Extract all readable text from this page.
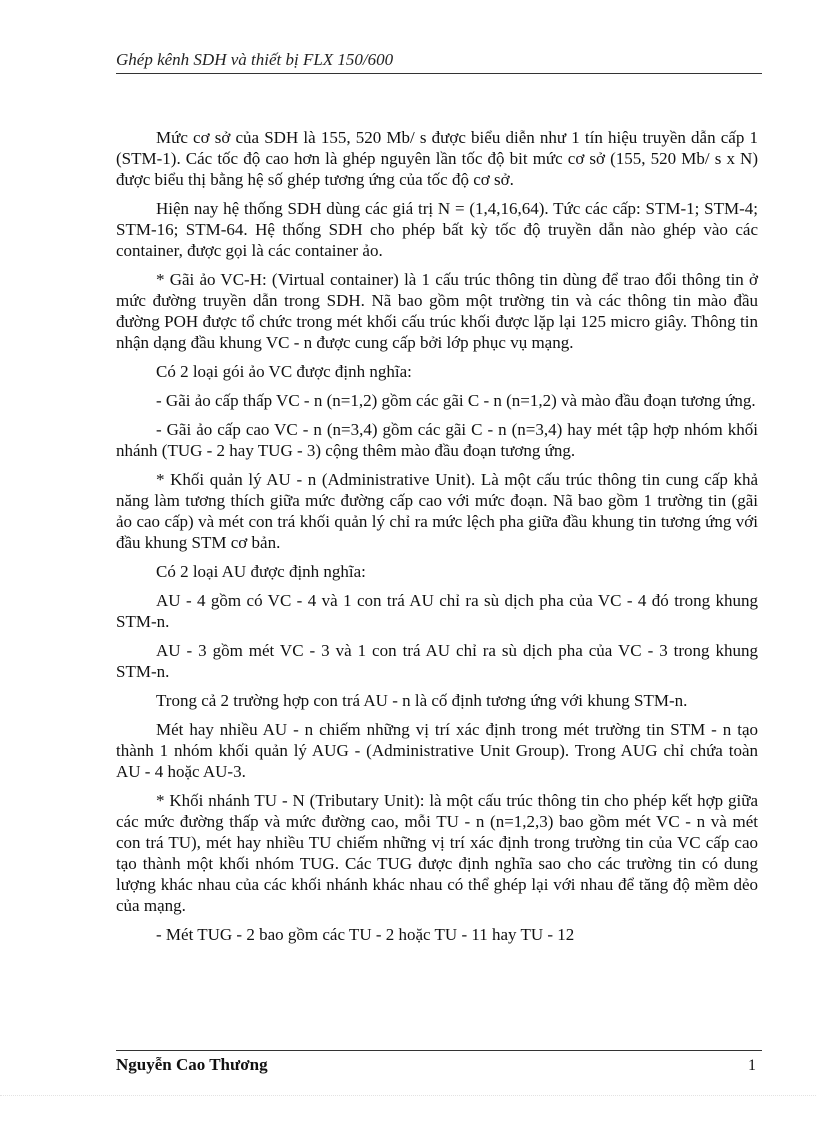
Ghép kênh SDH và thiết bị FLX 150/600

Mức cơ sở của SDH là 155, 520 Mb/ s được biểu diễn như 1 tín hiệu truyền dẫn cấp 1 (STM-1). Các tốc độ cao hơn là ghép nguyên lần tốc độ bit mức cơ sở (155, 520 Mb/ s x N) được biểu thị bằng hệ số ghép tương ứng của tốc độ cơ sở.

Hiện nay hệ thống SDH dùng các giá trị N = (1,4,16,64). Tức các cấp: STM-1; STM-4; STM-16; STM-64. Hệ thống SDH cho phép bất kỳ tốc độ truyền dẫn nào ghép vào các container, được gọi là các container ảo.

* Gãi ảo VC-H: (Virtual container) là 1 cấu trúc thông tin dùng để trao đổi thông tin ở mức đường truyền dẫn trong SDH. Nã bao gồm một trường tin và các thông tin mào đầu đường POH được tổ chức trong mét khối cấu trúc khối được lặp lại 125 micro giây. Thông tin nhận dạng đầu khung VC - n được cung cấp bởi lớp phục vụ mạng.

Có 2 loại gói ảo VC được định nghĩa:

- Gãi ảo cấp thấp VC - n (n=1,2) gồm các gãi C - n (n=1,2) và mào đầu đoạn tương ứng.

- Gãi ảo cấp cao VC - n (n=3,4) gồm các gãi C - n (n=3,4) hay mét tập hợp nhóm khối nhánh (TUG - 2 hay TUG - 3) cộng thêm mào đầu đoạn tương ứng.

* Khối quản lý AU - n (Administrative Unit). Là một cấu trúc thông tin cung cấp khả năng làm tương thích giữa mức đường cấp cao với mức đoạn. Nã bao gồm 1 trường tin (gãi ảo cao cấp) và mét con trá khối quản lý chỉ ra mức lệch pha giữa đầu khung tin tương ứng với đầu khung STM cơ bản.

Có 2 loại AU được định nghĩa:

AU - 4 gồm có VC - 4 và 1 con trá AU chỉ ra sù dịch pha của VC - 4 đó trong khung STM-n.

AU - 3 gồm mét VC - 3 và 1 con trá AU chỉ ra sù dịch pha của VC - 3 trong khung STM-n.

Trong cả 2 trường hợp con trá AU - n là cố định tương ứng với khung STM-n.

Mét hay nhiều AU - n chiếm những vị trí xác định trong mét trường tin STM - n tạo thành 1 nhóm khối quản lý AUG - (Administrative Unit Group). Trong AUG chỉ chứa toàn AU - 4 hoặc AU-3.

* Khối nhánh TU - N (Tributary Unit): là một cấu trúc thông tin cho phép kết hợp giữa các mức đường thấp và mức đường cao, mỗi TU - n (n=1,2,3) bao gồm mét VC - n và mét con trá TU), mét hay nhiều TU chiếm những vị trí xác định trong trường tin của VC cấp cao tạo thành một khối nhóm TUG. Các TUG được định nghĩa sao cho các trường tin có dung lượng khác nhau của các khối nhánh khác nhau có thể ghép lại với nhau để tăng độ mềm dẻo của mạng.

- Mét TUG - 2 bao gồm các TU - 2 hoặc TU - 11 hay TU - 12

Nguyễn Cao Thương	1
